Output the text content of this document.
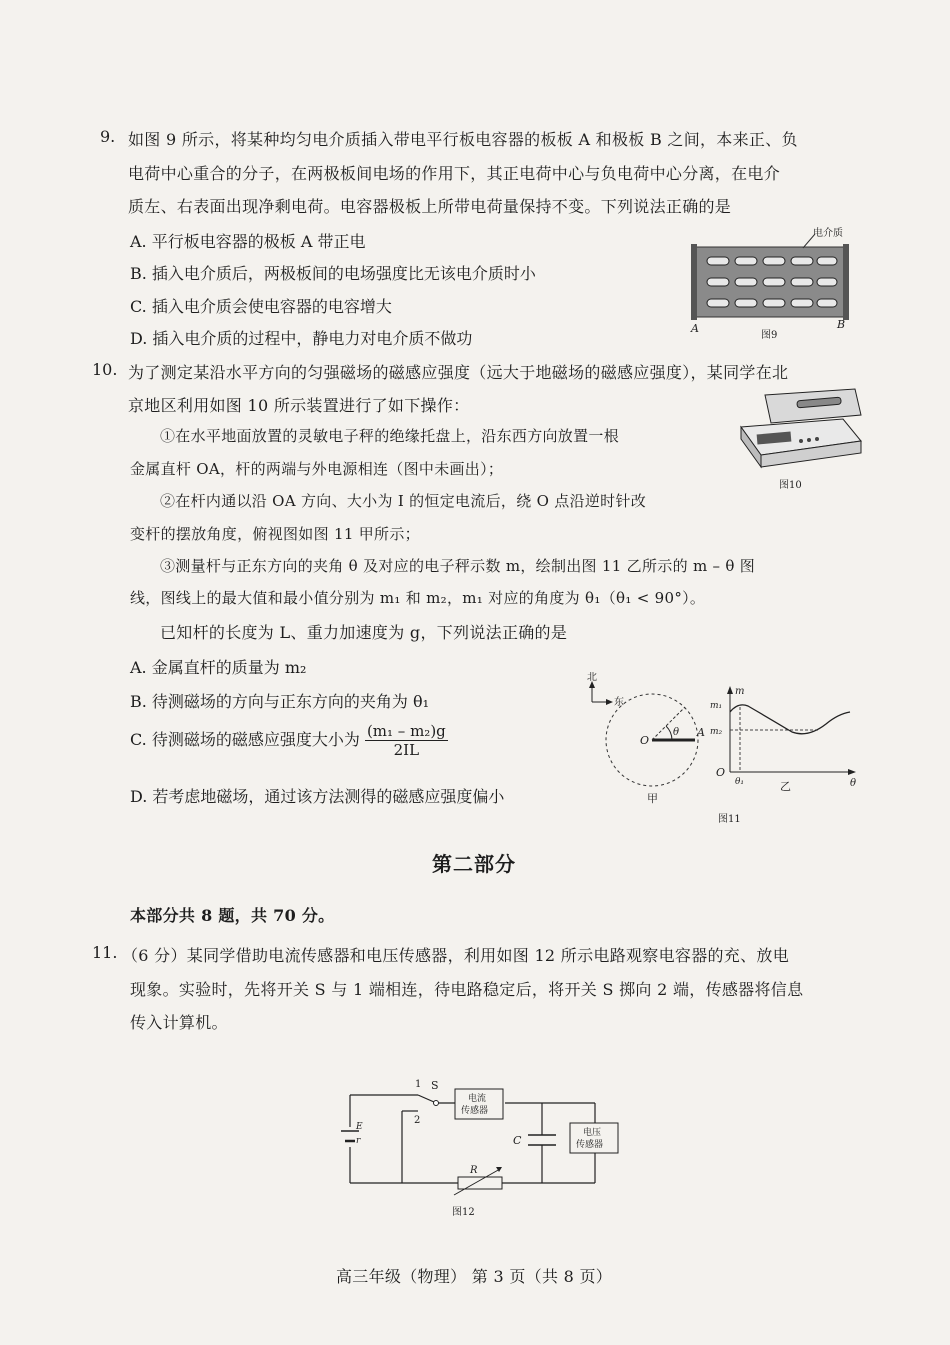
9. 如图 9 所示，将某种均匀电介质插入带电平行板电容器的板板 A 和极板 B 之间，本来正、负
电荷中心重合的分子，在两极板间电场的作用下，其正电荷中心与负电荷中心分离，在电介
质左、右表面出现净剩电荷。电容器极板上所带电荷量保持不变。下列说法正确的是
A. 平行板电容器的极板 A 带正电
B. 插入电介质后，两极板间的电场强度比无该电介质时小
C. 插入电介质会使电容器的电容增大
D. 插入电介质的过程中，静电力对电介质不做功
电介质
A	B
图9
10. 为了测定某沿水平方向的匀强磁场的磁感应强度（远大于地磁场的磁感应强度），某同学在北
京地区利用如图 10 所示装置进行了如下操作：
①在水平地面放置的灵敏电子秤的绝缘托盘上，沿东西方向放置一根
金属直杆 OA，杆的两端与外电源相连（图中未画出）；
②在杆内通以沿 OA 方向、大小为 I 的恒定电流后，绕 O 点沿逆时针改
变杆的摆放角度，俯视图如图 11 甲所示；
③测量杆与正东方向的夹角 θ 及对应的电子秤示数 m，绘制出图 11 乙所示的 m – θ 图
线，图线上的最大值和最小值分别为 m₁ 和 m₂，m₁ 对应的角度为 θ₁（θ₁ < 90°）。
已知杆的长度为 L、重力加速度为 g，下列说法正确的是
A. 金属直杆的质量为 m₂
B. 待测磁场的方向与正东方向的夹角为 θ₁
C. 待测磁场的磁感应强度大小为 $\frac{\text{(m₁ – m₂)g}}{2IL}$
D. 若考虑地磁场，通过该方法测得的磁感应强度偏小
图10
北
东
O
A
θ
甲
m
θ
O
m₁
m₂
θ₁	乙
图11
第二部分
本部分共 8 题，共 70 分。
11. （6 分）某同学借助电流传感器和电压传感器，利用如图 12 所示电路观察电容器的充、放电
现象。实验时，先将开关 S 与 1 端相连，待电路稳定后，将开关 S 掷向 2 端，传感器将信息
传入计算机。
E
r
S
1
2
电流
传感器
C
电压
传感器
R
图12
高三年级（物理） 第 3 页（共 8 页）
